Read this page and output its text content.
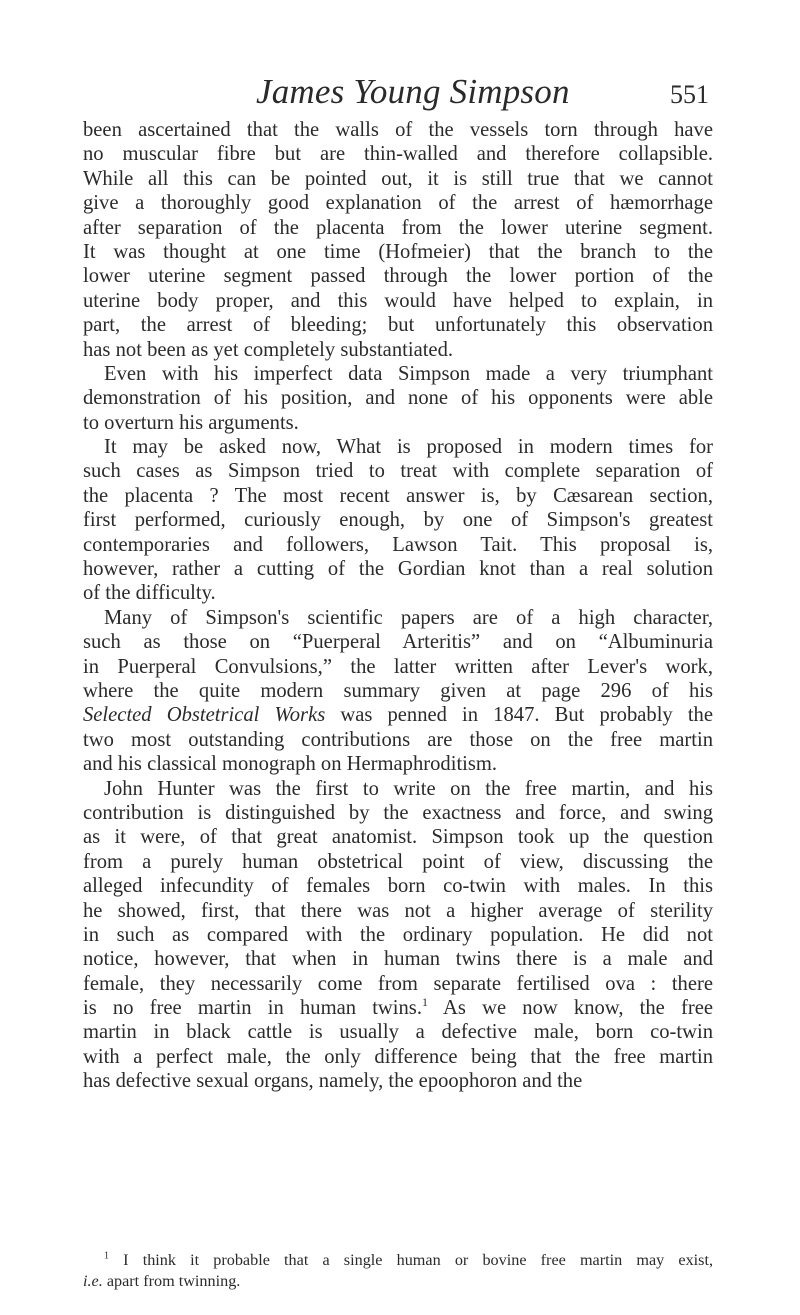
James Young Simpson	551
been ascertained that the walls of the vessels torn through have
no muscular fibre but are thin-walled and therefore collapsible.
While all this can be pointed out, it is still true that we cannot
give a thoroughly good explanation of the arrest of hæmorrhage
after separation of the placenta from the lower uterine segment.
It was thought at one time (Hofmeier) that the branch to the
lower uterine segment passed through the lower portion of the
uterine body proper, and this would have helped to explain, in
part, the arrest of bleeding; but unfortunately this observation
has not been as yet completely substantiated.
Even with his imperfect data Simpson made a very triumphant
demonstration of his position, and none of his opponents were able
to overturn his arguments.
It may be asked now, What is proposed in modern times for
such cases as Simpson tried to treat with complete separation of
the placenta ? The most recent answer is, by Cæsarean section,
first performed, curiously enough, by one of Simpson's greatest
contemporaries and followers, Lawson Tait. This proposal is,
however, rather a cutting of the Gordian knot than a real solution
of the difficulty.
Many of Simpson's scientific papers are of a high character,
such as those on “Puerperal Arteritis” and on “Albuminuria
in Puerperal Convulsions,” the latter written after Lever's work,
where the quite modern summary given at page 296 of his
Selected Obstetrical Works was penned in 1847. But probably the
two most outstanding contributions are those on the free martin
and his classical monograph on Hermaphroditism.
John Hunter was the first to write on the free martin, and his
contribution is distinguished by the exactness and force, and swing
as it were, of that great anatomist. Simpson took up the question
from a purely human obstetrical point of view, discussing the
alleged infecundity of females born co-twin with males. In this
he showed, first, that there was not a higher average of sterility
in such as compared with the ordinary population. He did not
notice, however, that when in human twins there is a male and
female, they necessarily come from separate fertilised ova : there
is no free martin in human twins.$^1$ As we now know, the free
martin in black cattle is usually a defective male, born co-twin
with a perfect male, the only difference being that the free martin
has defective sexual organs, namely, the epoophoron and the
$^1$ I think it probable that a single human or bovine free martin may exist,
i.e. apart from twinning.
